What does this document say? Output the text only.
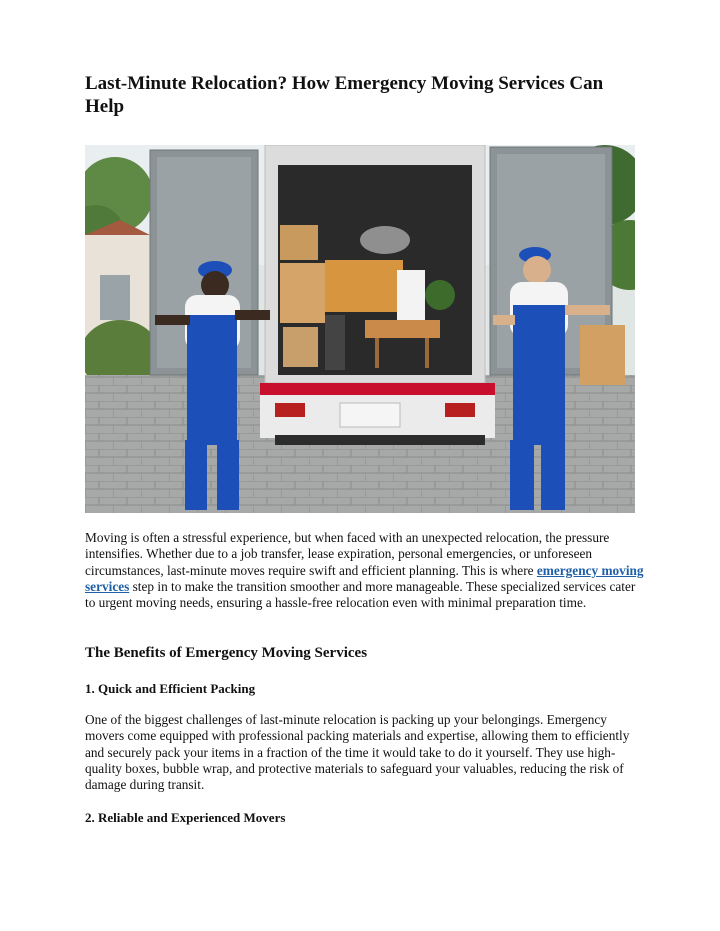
Last-Minute Relocation? How Emergency Moving Services Can Help

Moving is often a stressful experience, but when faced with an unexpected relocation, the pressure intensifies. Whether due to a job transfer, lease expiration, personal emergencies, or unforeseen circumstances, last-minute moves require swift and efficient planning. This is where emergency moving services step in to make the transition smoother and more manageable. These specialized services cater to urgent moving needs, ensuring a hassle-free relocation even with minimal preparation time.

The Benefits of Emergency Moving Services
1. Quick and Efficient Packing

One of the biggest challenges of last-minute relocation is packing up your belongings. Emergency movers come equipped with professional packing materials and expertise, allowing them to efficiently and securely pack your items in a fraction of the time it would take to do it yourself. They use high-quality boxes, bubble wrap, and protective materials to safeguard your valuables, reducing the risk of damage during transit.

2. Reliable and Experienced Movers
